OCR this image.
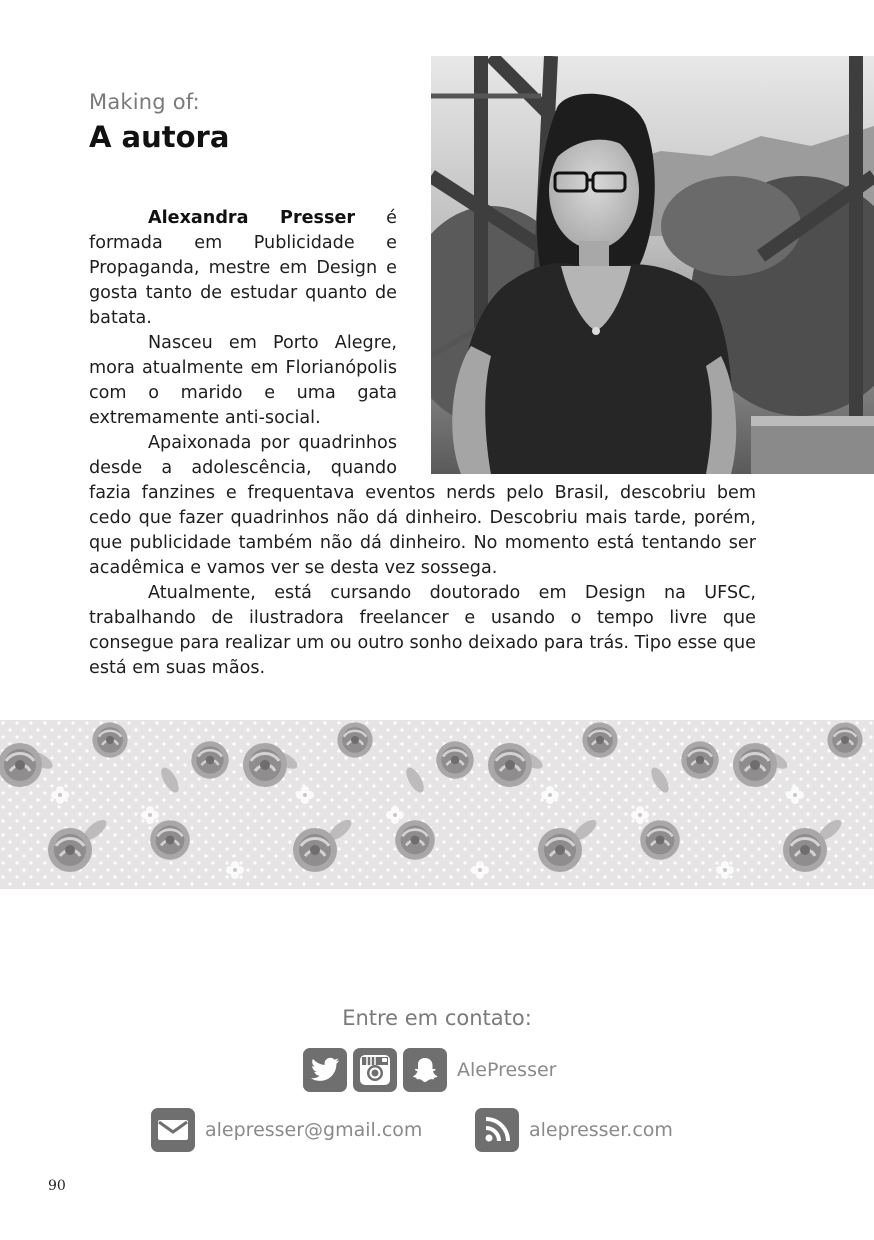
Making of:
A autora

Alexandra Presser é formada em Publicidade e Propaganda, mestre em Design e gosta tanto de estudar quanto de batata.

Nasceu em Porto Alegre, mora atualmente em Florianópolis com o marido e uma gata extremamente anti-social.

Apaixonada por quadrinhos desde a adolescência, quando fazia fanzines e frequentava eventos nerds pelo Brasil, descobriu bem cedo que fazer quadrinhos não dá dinheiro. Descobriu mais tarde, porém, que publicidade também não dá dinheiro. No momento está tentando ser acadêmica e vamos ver se desta vez sossega.

Atualmente, está cursando doutorado em Design na UFSC, trabalhando de ilustradora freelancer e usando o tempo livre que consegue para realizar um ou outro sonho deixado para trás. Tipo esse que está em suas mãos.

Entre em contato:
AlePresser
alepresser@gmail.com	alepresser.com
90
